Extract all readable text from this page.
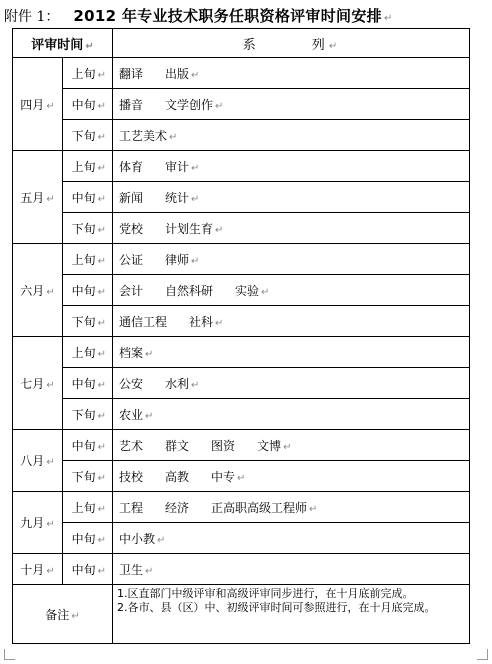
附件 1： 2012 年专业技术职务任职资格评审时间安排 ↵
评审时间 ↵		系 列 ↵
四月 ↵	上旬 ↵	翻译 出版 ↵
	中旬 ↵	播音 文学创作 ↵
	下旬 ↵	工艺美术 ↵
五月 ↵	上旬 ↵	体育 审计 ↵
	中旬 ↵	新闻 统计 ↵
	下旬 ↵	党校 计划生育 ↵
六月 ↵	上旬 ↵	公证 律师 ↵
	中旬 ↵	会计 自然科研 实验 ↵
	下旬 ↵	通信工程 社科 ↵
七月 ↵	上旬 ↵	档案 ↵
	中旬 ↵	公安 水利 ↵
	下旬 ↵	农业 ↵
八月 ↵	中旬 ↵	艺术 群文 图资 文博 ↵
	下旬 ↵	技校 高教 中专 ↵
九月 ↵	上旬 ↵	工程 经济 正高职高级工程师 ↵
	中旬 ↵	中小教 ↵
十月 ↵	中旬 ↵	卫生 ↵
备注 ↵		1.区直部门中级评审和高级评审同步进行，在十月底前完成。
2.各市、县（区）中、初级评审时间可参照进行，在十月底完成。
